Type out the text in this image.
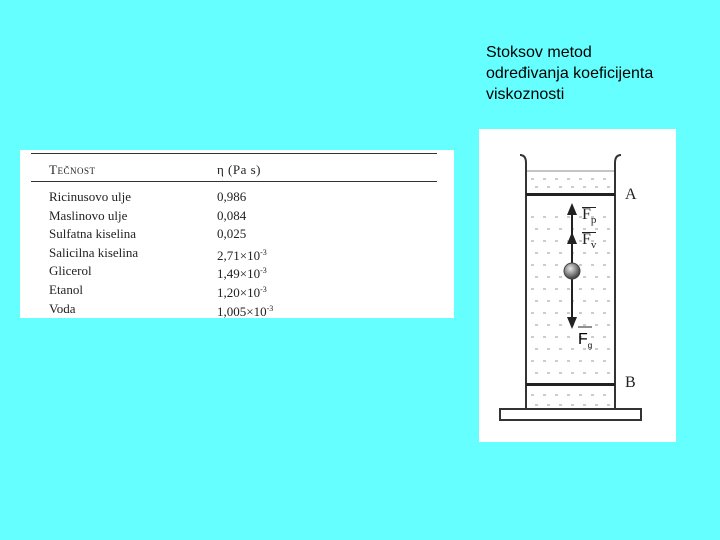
Stoksov metod
određivanja koeficijenta
viskoznosti
Tečnost	η (Pa s)
Ricinusovo ulje	0,986
Maslinovo ulje	0,084
Sulfatna kiselina	0,025
Salicilna kiselina	$2,71\times 10^{-3}$
Glicerol	$1,49\times 10^{-3}$
Etanol	$1,20\times 10^{-3}$
Voda	$1,005\times 10^{-3}$
A
B
$F_p$
$F_v$
$F_g$
